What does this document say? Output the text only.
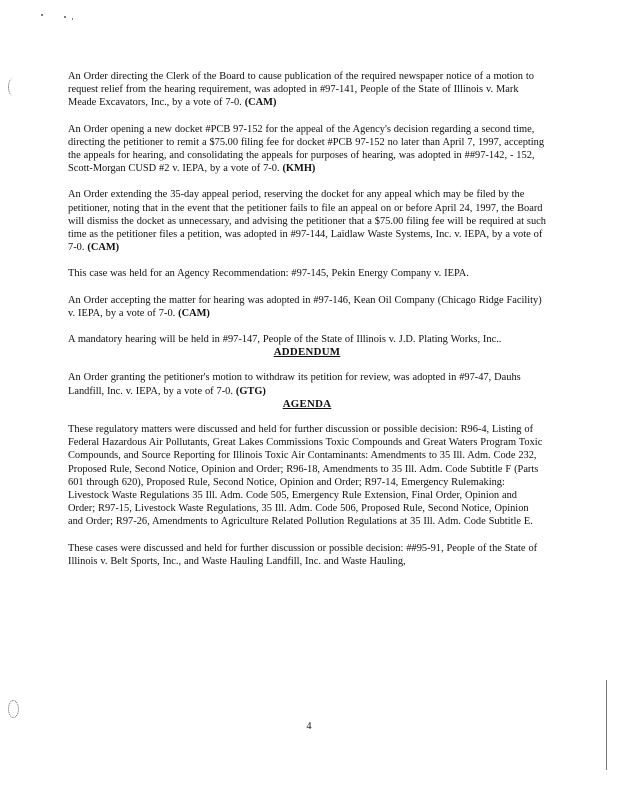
An Order directing the Clerk of the Board to cause publication of the required newspaper notice of a motion to request relief from the hearing requirement, was adopted in #97-141, People of the State of Illinois v. Mark Meade Excavators, Inc., by a vote of 7-0. (CAM)

An Order opening a new docket #PCB 97-152 for the appeal of the Agency's decision regarding a second time, directing the petitioner to remit a $75.00 filing fee for docket #PCB 97-152 no later than April 7, 1997, accepting the appeals for hearing, and consolidating the appeals for purposes of hearing, was adopted in ##97-142, - 152, Scott-Morgan CUSD #2 v. IEPA, by a vote of 7-0. (KMH)

An Order extending the 35-day appeal period, reserving the docket for any appeal which may be filed by the petitioner, noting that in the event that the petitioner fails to file an appeal on or before April 24, 1997, the Board will dismiss the docket as unnecessary, and advising the petitioner that a $75.00 filing fee will be required at such time as the petitioner files a petition, was adopted in #97-144, Laidlaw Waste Systems, Inc. v. IEPA, by a vote of 7-0. (CAM)

This case was held for an Agency Recommendation: #97-145, Pekin Energy Company v. IEPA.

An Order accepting the matter for hearing was adopted in #97-146, Kean Oil Company (Chicago Ridge Facility) v. IEPA, by a vote of 7-0. (CAM)

A mandatory hearing will be held in #97-147, People of the State of Illinois v. J.D. Plating Works, Inc..

ADDENDUM

An Order granting the petitioner's motion to withdraw its petition for review, was adopted in #97-47, Dauhs Landfill, Inc. v. IEPA, by a vote of 7-0. (GTG)

AGENDA

These regulatory matters were discussed and held for further discussion or possible decision: R96-4, Listing of Federal Hazardous Air Pollutants, Great Lakes Commissions Toxic Compounds and Great Waters Program Toxic Compounds, and Source Reporting for Illinois Toxic Air Contaminants: Amendments to 35 Ill. Adm. Code 232, Proposed Rule, Second Notice, Opinion and Order; R96-18, Amendments to 35 Ill. Adm. Code Subtitle F (Parts 601 through 620), Proposed Rule, Second Notice, Opinion and Order; R97-14, Emergency Rulemaking: Livestock Waste Regulations 35 Ill. Adm. Code 505, Emergency Rule Extension, Final Order, Opinion and Order; R97-15, Livestock Waste Regulations, 35 Ill. Adm. Code 506, Proposed Rule, Second Notice, Opinion and Order; R97-26, Amendments to Agriculture Related Pollution Regulations at 35 Ill. Adm. Code Subtitle E.

These cases were discussed and held for further discussion or possible decision: ##95-91, People of the State of Illinois v. Belt Sports, Inc., and Waste Hauling Landfill, Inc. and Waste Hauling,

4
